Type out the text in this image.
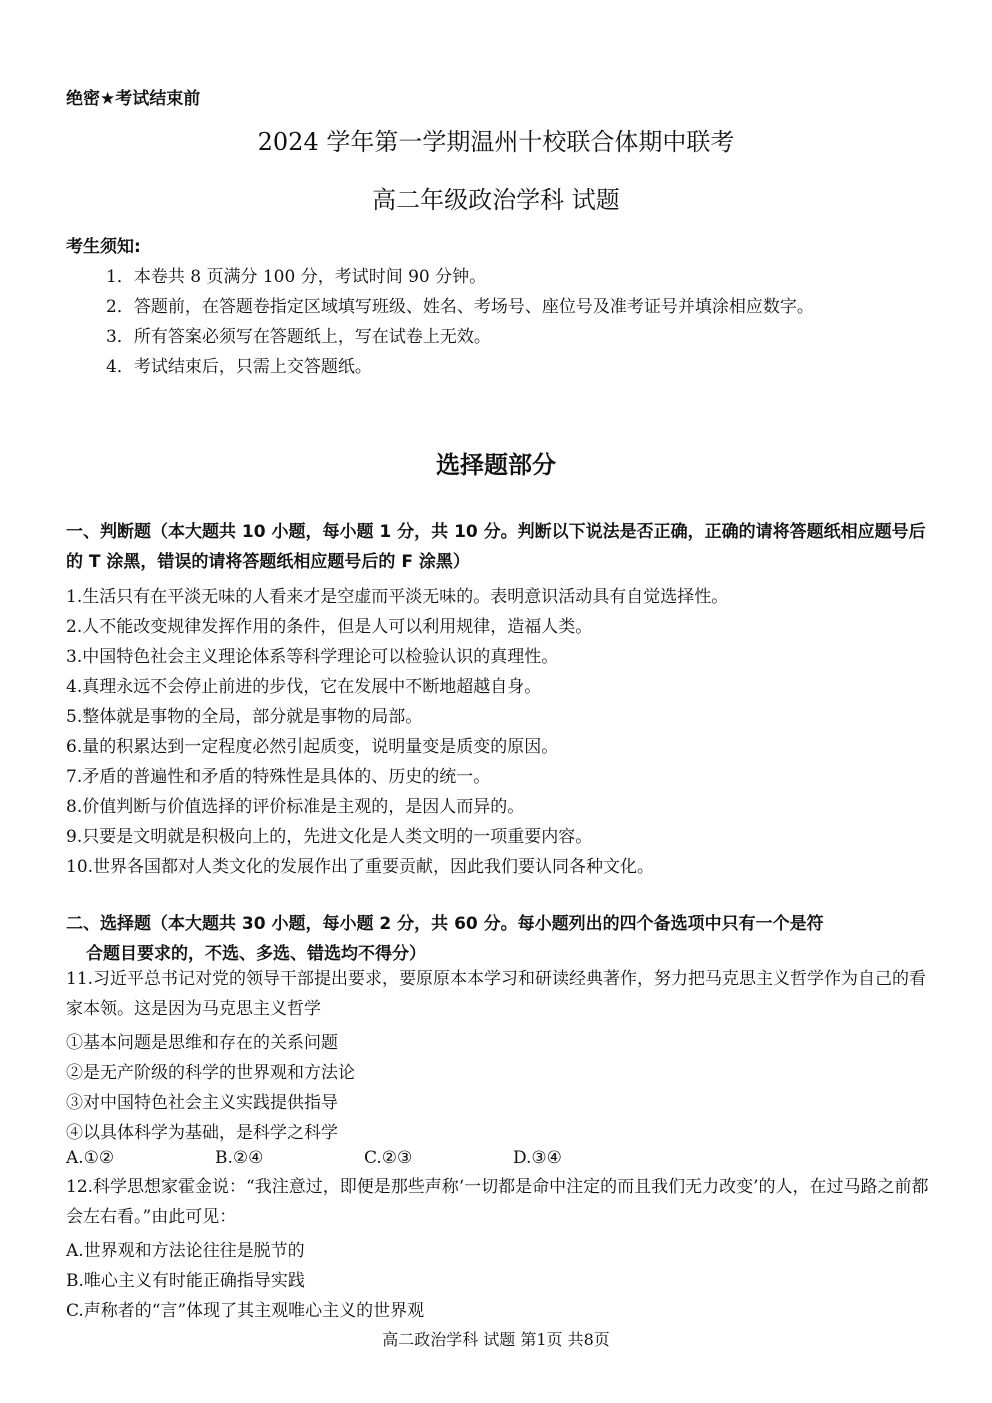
绝密★考试结束前
2024 学年第一学期温州十校联合体期中联考
高二年级政治学科 试题
考生须知:
1．本卷共 8 页满分 100 分，考试时间 90 分钟。
2．答题前，在答题卷指定区域填写班级、姓名、考场号、座位号及准考证号并填涂相应数字。
3．所有答案必须写在答题纸上，写在试卷上无效。
4．考试结束后，只需上交答题纸。
选择题部分
一、判断题（本大题共 10 小题，每小题 1 分，共 10 分。判断以下说法是否正确，正确的请将答题纸相应题号后的 T 涂黑，错误的请将答题纸相应题号后的 F 涂黑）
1.生活只有在平淡无味的人看来才是空虚而平淡无味的。表明意识活动具有自觉选择性。
2.人不能改变规律发挥作用的条件，但是人可以利用规律，造福人类。
3.中国特色社会主义理论体系等科学理论可以检验认识的真理性。
4.真理永远不会停止前进的步伐，它在发展中不断地超越自身。
5.整体就是事物的全局，部分就是事物的局部。
6.量的积累达到一定程度必然引起质变，说明量变是质变的原因。
7.矛盾的普遍性和矛盾的特殊性是具体的、历史的统一。
8.价值判断与价值选择的评价标准是主观的，是因人而异的。
9.只要是文明就是积极向上的，先进文化是人类文明的一项重要内容。
10.世界各国都对人类文化的发展作出了重要贡献，因此我们要认同各种文化。
二、选择题（本大题共 30 小题，每小题 2 分，共 60 分。每小题列出的四个备选项中只有一个是符
合题目要求的，不选、多选、错选均不得分）
11.习近平总书记对党的领导干部提出要求，要原原本本学习和研读经典著作，努力把马克思主义哲学作为自己的看家本领。这是因为马克思主义哲学
①基本问题是思维和存在的关系问题
②是无产阶级的科学的世界观和方法论
③对中国特色社会主义实践提供指导
④以具体科学为基础，是科学之科学
A.①②	B.②④	C.②③	D.③④
12.科学思想家霍金说：“我注意过，即便是那些声称‘一切都是命中注定的而且我们无力改变’的人，在过马路之前都会左右看。”由此可见：
A.世界观和方法论往往是脱节的
B.唯心主义有时能正确指导实践
C.声称者的“言”体现了其主观唯心主义的世界观
高二政治学科 试题 第1页 共8页
